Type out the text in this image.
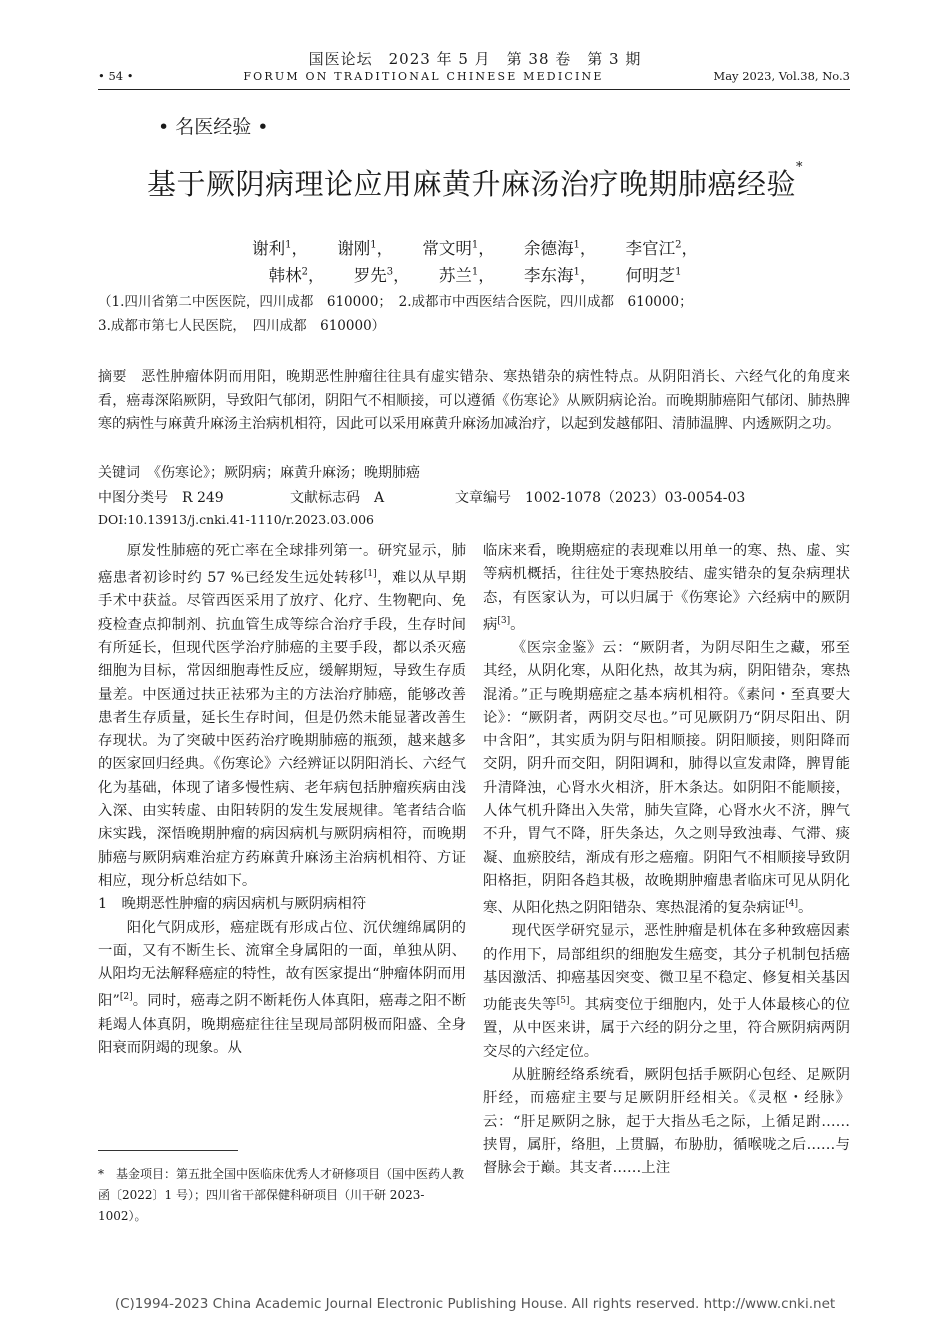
国医论坛　2023 年 5 月　第 38 卷　第 3 期
• 54 •	FORUM ON TRADITIONAL CHINESE MEDICINE	May 2023, Vol.38, No.3
• 名医经验 •
基于厥阴病理论应用麻黄升麻汤治疗晚期肺癌经验*
谢利$^1$， 谢刚$^1$， 常文明$^1$， 余德海$^1$， 李官江$^2$，
韩林$^2$， 罗先$^3$， 苏兰$^1$， 李东海$^1$， 何明芝$^1$
（1.四川省第二中医医院，四川成都　610000；　2.成都市中西医结合医院，四川成都　610000；
3.成都市第七人民医院，　四川成都　610000）
摘要　恶性肿瘤体阴而用阳，晚期恶性肿瘤往往具有虚实错杂、寒热错杂的病性特点。从阴阳消长、六经气化的角度来看，癌毒深陷厥阴，导致阳气郁闭，阴阳气不相顺接，可以遵循《伤寒论》从厥阴病论治。而晚期肺癌阳气郁闭、肺热脾寒的病性与麻黄升麻汤主治病机相符，因此可以采用麻黄升麻汤加减治疗，以起到发越郁阳、清肺温脾、内透厥阴之功。
关键词　《伤寒论》；厥阴病；麻黄升麻汤；晚期肺癌
中图分类号　R 249	文献标志码　A	文章编号　1002-1078（2023）03-0054-03
DOI:10.13913/j.cnki.41-1110/r.2023.03.006

原发性肺癌的死亡率在全球排列第一。研究显示，肺癌患者初诊时约 57 %已经发生远处转移[1]，难以从早期手术中获益。尽管西医采用了放疗、化疗、生物靶向、免疫检查点抑制剂、抗血管生成等综合治疗手段，生存时间有所延长，但现代医学治疗肺癌的主要手段，都以杀灭癌细胞为目标，常因细胞毒性反应，缓解期短，导致生存质量差。中医通过扶正祛邪为主的方法治疗肺癌，能够改善患者生存质量，延长生存时间，但是仍然未能显著改善生存现状。为了突破中医药治疗晚期肺癌的瓶颈，越来越多的医家回归经典。《伤寒论》六经辨证以阴阳消长、六经气化为基础，体现了诸多慢性病、老年病包括肿瘤疾病由浅入深、由实转虚、由阳转阴的发生发展规律。笔者结合临床实践，深悟晚期肿瘤的病因病机与厥阴病相符，而晚期肺癌与厥阴病难治症方药麻黄升麻汤主治病机相符、方证相应，现分析总结如下。

1　晚期恶性肿瘤的病因病机与厥阴病相符

阳化气阴成形，癌症既有形成占位、沉伏缠绵属阴的一面，又有不断生长、流窜全身属阳的一面，单独从阴、从阳均无法解释癌症的特性，故有医家提出“肿瘤体阴而用阳”[2]。同时，癌毒之阴不断耗伤人体真阳，癌毒之阳不断耗竭人体真阴，晚期癌症往往呈现局部阴极而阳盛、全身阳衰而阴竭的现象。从

临床来看，晚期癌症的表现难以用单一的寒、热、虚、实等病机概括，往往处于寒热胶结、虚实错杂的复杂病理状态，有医家认为，可以归属于《伤寒论》六经病中的厥阴病[3]。

《医宗金鉴》云：“厥阴者，为阴尽阳生之藏，邪至其经，从阴化寒，从阳化热，故其为病，阴阳错杂，寒热混淆。”正与晚期癌症之基本病机相符。《素问・至真要大论》：“厥阴者，两阴交尽也。”可见厥阴乃“阴尽阳出、阴中含阳”，其实质为阴与阳相顺接。阴阳顺接，则阳降而交阴，阴升而交阳，阴阳调和，肺得以宣发肃降，脾胃能升清降浊，心肾水火相济，肝木条达。如阴阳不能顺接，人体气机升降出入失常，肺失宣降，心肾水火不济，脾气不升，胃气不降，肝失条达，久之则导致浊毒、气滞、痰凝、血瘀胶结，渐成有形之癌瘤。阴阳气不相顺接导致阴阳格拒，阴阳各趋其极，故晚期肿瘤患者临床可见从阴化寒、从阳化热之阴阳错杂、寒热混淆的复杂病证[4]。

现代医学研究显示，恶性肿瘤是机体在多种致癌因素的作用下，局部组织的细胞发生癌变，其分子机制包括癌基因激活、抑癌基因突变、微卫星不稳定、修复相关基因功能丧失等[5]。其病变位于细胞内，处于人体最核心的位置，从中医来讲，属于六经的阴分之里，符合厥阴病两阴交尽的六经定位。

从脏腑经络系统看，厥阴包括手厥阴心包经、足厥阴肝经，而癌症主要与足厥阴肝经相关。《灵枢・经脉》云：“肝足厥阴之脉，起于大指丛毛之际，上循足跗……挟胃，属肝，络胆，上贯膈，布胁肋，循喉咙之后……与督脉会于巅。其支者……上注

*　基金项目：第五批全国中医临床优秀人才研修项目（国中医药人教函〔2022〕1 号）；四川省干部保健科研项目（川干研 2023-1002）。
(C)1994-2023 China Academic Journal Electronic Publishing House. All rights reserved. http://www.cnki.net
